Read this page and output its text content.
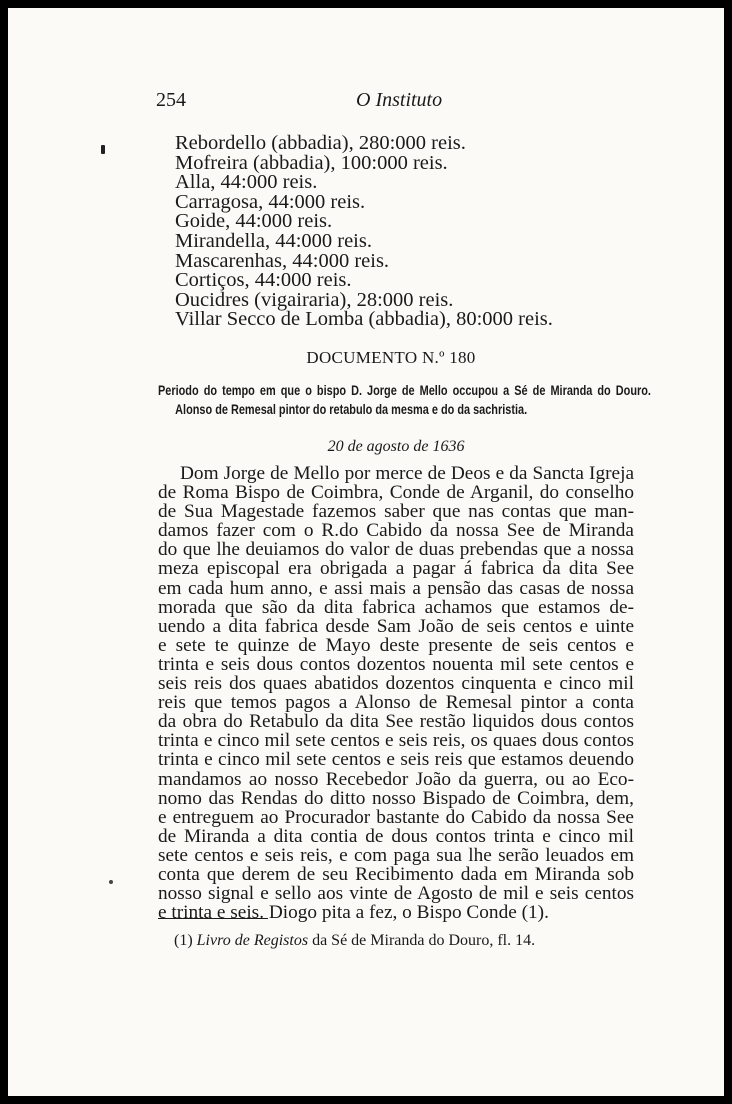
254	O Instituto
Rebordello (abbadia), 280:000 reis.
Mofreira (abbadia), 100:000 reis.
Alla, 44:000 reis.
Carragosa, 44:000 reis.
Goide, 44:000 reis.
Mirandella, 44:000 reis.
Mascarenhas, 44:000 reis.
Cortiços, 44:000 reis.
Oucidres (vigairaria), 28:000 reis.
Villar Secco de Lomba (abbadia), 80:000 reis.
DOCUMENTO N.º 180
Periodo do tempo em que o bispo D. Jorge de Mello occupou a Sé de Miranda do Douro. Alonso de Remesal pintor do retabulo da mesma e do da sachristia.
20 de agosto de 1636
Dom Jorge de Mello por merce de Deos e da Sancta Igreja
de Roma Bispo de Coimbra, Conde de Arganil, do conselho
de Sua Magestade fazemos saber que nas contas que man-
damos fazer com o R.do Cabido da nossa See de Miranda
do que lhe deuiamos do valor de duas prebendas que a nossa
meza episcopal era obrigada a pagar á fabrica da dita See
em cada hum anno, e assi mais a pensão das casas de nossa
morada que são da dita fabrica achamos que estamos de-
uendo a dita fabrica desde Sam João de seis centos e uinte
e sete te quinze de Mayo deste presente de seis centos e
trinta e seis dous contos dozentos nouenta mil sete centos e
seis reis dos quaes abatidos dozentos cinquenta e cinco mil
reis que temos pagos a Alonso de Remesal pintor a conta
da obra do Retabulo da dita See restão liquidos dous contos
trinta e cinco mil sete centos e seis reis, os quaes dous contos
trinta e cinco mil sete centos e seis reis que estamos deuendo
mandamos ao nosso Recebedor João da guerra, ou ao Eco-
nomo das Rendas do ditto nosso Bispado de Coimbra, dem,
e entreguem ao Procurador bastante do Cabido da nossa See
de Miranda a dita contia de dous contos trinta e cinco mil
sete centos e seis reis, e com paga sua lhe serão leuados em
conta que derem de seu Recibimento dada em Miranda sob
nosso signal e sello aos vinte de Agosto de mil e seis centos
e trinta e seis. Diogo pita a fez, o Bispo Conde (1).
(1) Livro de Registos da Sé de Miranda do Douro, fl. 14.
